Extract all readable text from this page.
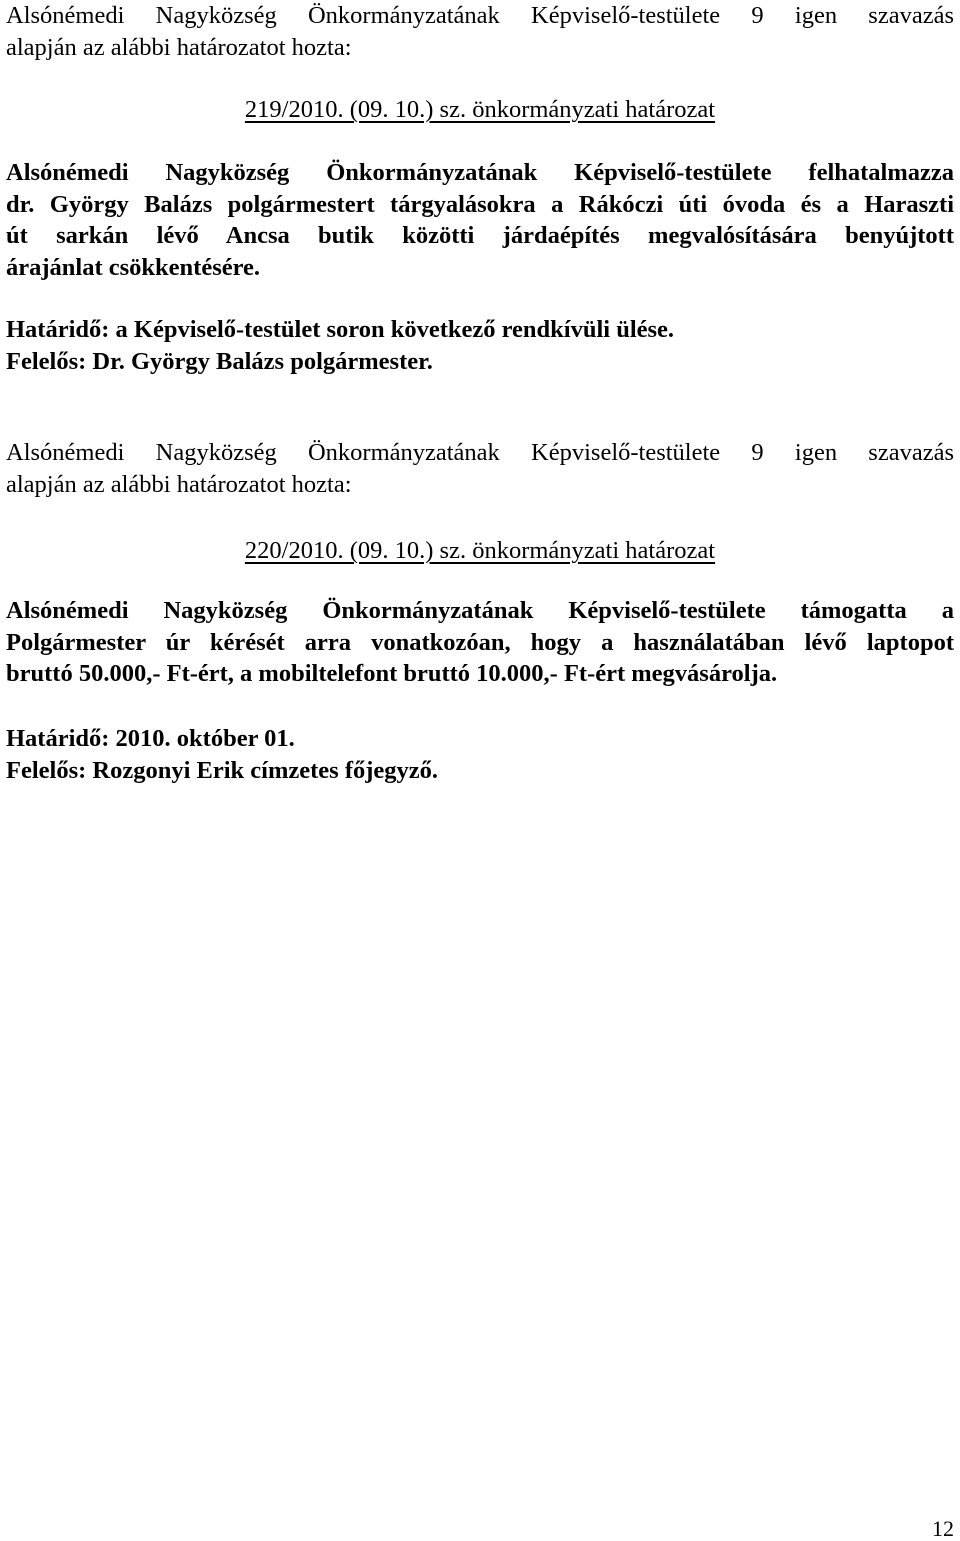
Alsónémedi Nagyközség Önkormányzatának Képviselő-testülete 9 igen szavazás
alapján az alábbi határozatot hozta:

219/2010. (09. 10.) sz. önkormányzati határozat

Alsónémedi Nagyközség Önkormányzatának Képviselő-testülete felhatalmazza
dr. György Balázs polgármestert tárgyalásokra a Rákóczi úti óvoda és a Haraszti
út sarkán lévő Ancsa butik közötti járdaépítés megvalósítására benyújtott
árajánlat csökkentésére.
Határidő: a Képviselő-testület soron következő rendkívüli ülése.
Felelős: Dr. György Balázs polgármester.
Alsónémedi Nagyközség Önkormányzatának Képviselő-testülete 9 igen szavazás
alapján az alábbi határozatot hozta:

220/2010. (09. 10.) sz. önkormányzati határozat

Alsónémedi Nagyközség Önkormányzatának Képviselő-testülete támogatta a
Polgármester úr kérését arra vonatkozóan, hogy a használatában lévő laptopot
bruttó 50.000,- Ft-ért, a mobiltelefont bruttó 10.000,- Ft-ért megvásárolja.
Határidő: 2010. október 01.
Felelős: Rozgonyi Erik címzetes főjegyző.
12
